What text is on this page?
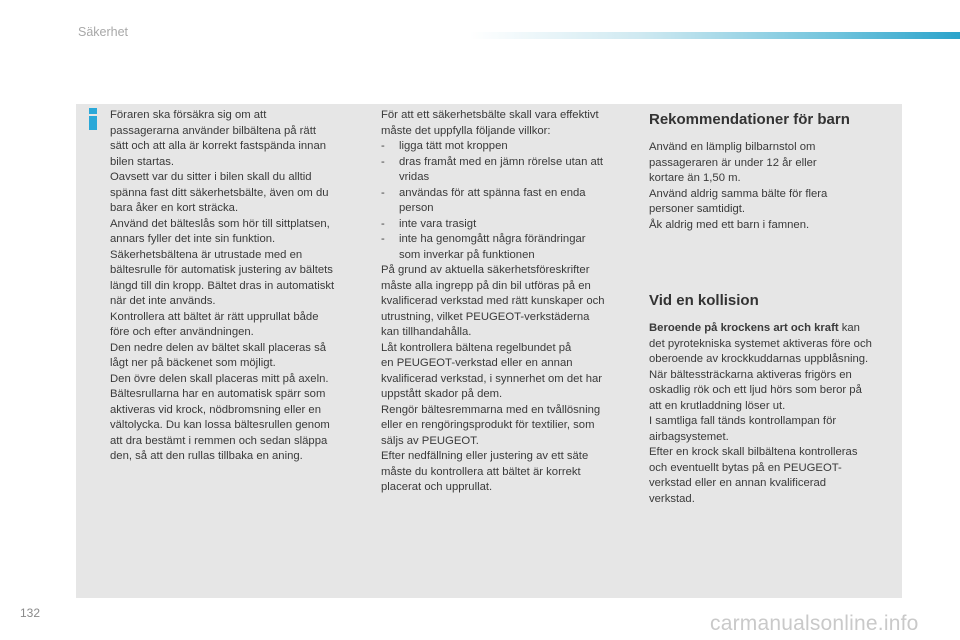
Säkerhet
Föraren ska försäkra sig om att
passagerarna använder bilbältena på rätt
sätt och att alla är korrekt fastspända innan
bilen startas.
Oavsett var du sitter i bilen skall du alltid
spänna fast ditt säkerhetsbälte, även om du
bara åker en kort sträcka.
Använd det bälteslås som hör till sittplatsen,
annars fyller det inte sin funktion.
Säkerhetsbältena är utrustade med en
bältesrulle för automatisk justering av bältets
längd till din kropp. Bältet dras in automatiskt
när det inte används.
Kontrollera att bältet är rätt upprullat både
före och efter användningen.
Den nedre delen av bältet skall placeras så
lågt ner på bäckenet som möjligt.
Den övre delen skall placeras mitt på axeln.
Bältesrullarna har en automatisk spärr som
aktiveras vid krock, nödbromsning eller en
vältolycka. Du kan lossa bältesrullen genom
att dra bestämt i remmen och sedan släppa
den, så att den rullas tillbaka en aning.
För att ett säkerhetsbälte skall vara effektivt
måste det uppfylla följande villkor:
-	ligga tätt mot kroppen
-	dras framåt med en jämn rörelse utan att
vridas
-	användas för att spänna fast en enda
person
-	inte vara trasigt
-	inte ha genomgått några förändringar
som inverkar på funktionen
På grund av aktuella säkerhetsföreskrifter
måste alla ingrepp på din bil utföras på en
kvalificerad verkstad med rätt kunskaper och
utrustning, vilket PEUGEOT-verkstäderna
kan tillhandahålla.
Låt kontrollera bältena regelbundet på
en PEUGEOT-verkstad eller en annan
kvalificerad verkstad, i synnerhet om det har
uppstått skador på dem.
Rengör bältesremmarna med en tvållösning
eller en rengöringsprodukt för textilier, som
säljs av PEUGEOT.
Efter nedfällning eller justering av ett säte
måste du kontrollera att bältet är korrekt
placerat och upprullat.
Rekommendationer för barn
Använd en lämplig bilbarnstol om
passageraren är under 12 år eller
kortare än 1,50 m.
Använd aldrig samma bälte för flera
personer samtidigt.
Åk aldrig med ett barn i famnen.
Vid en kollision
Beroende på krockens art och kraft kan
det pyrotekniska systemet aktiveras före och
oberoende av krockkuddarnas uppblåsning.
När bältessträckarna aktiveras frigörs en
oskadlig rök och ett ljud hörs som beror på
att en krutladdning löser ut.
I samtliga fall tänds kontrollampan för
airbagsystemet.
Efter en krock skall bilbältena kontrolleras
och eventuellt bytas på en PEUGEOT-
verkstad eller en annan kvalificerad
verkstad.
132	carmanualsonline.info
